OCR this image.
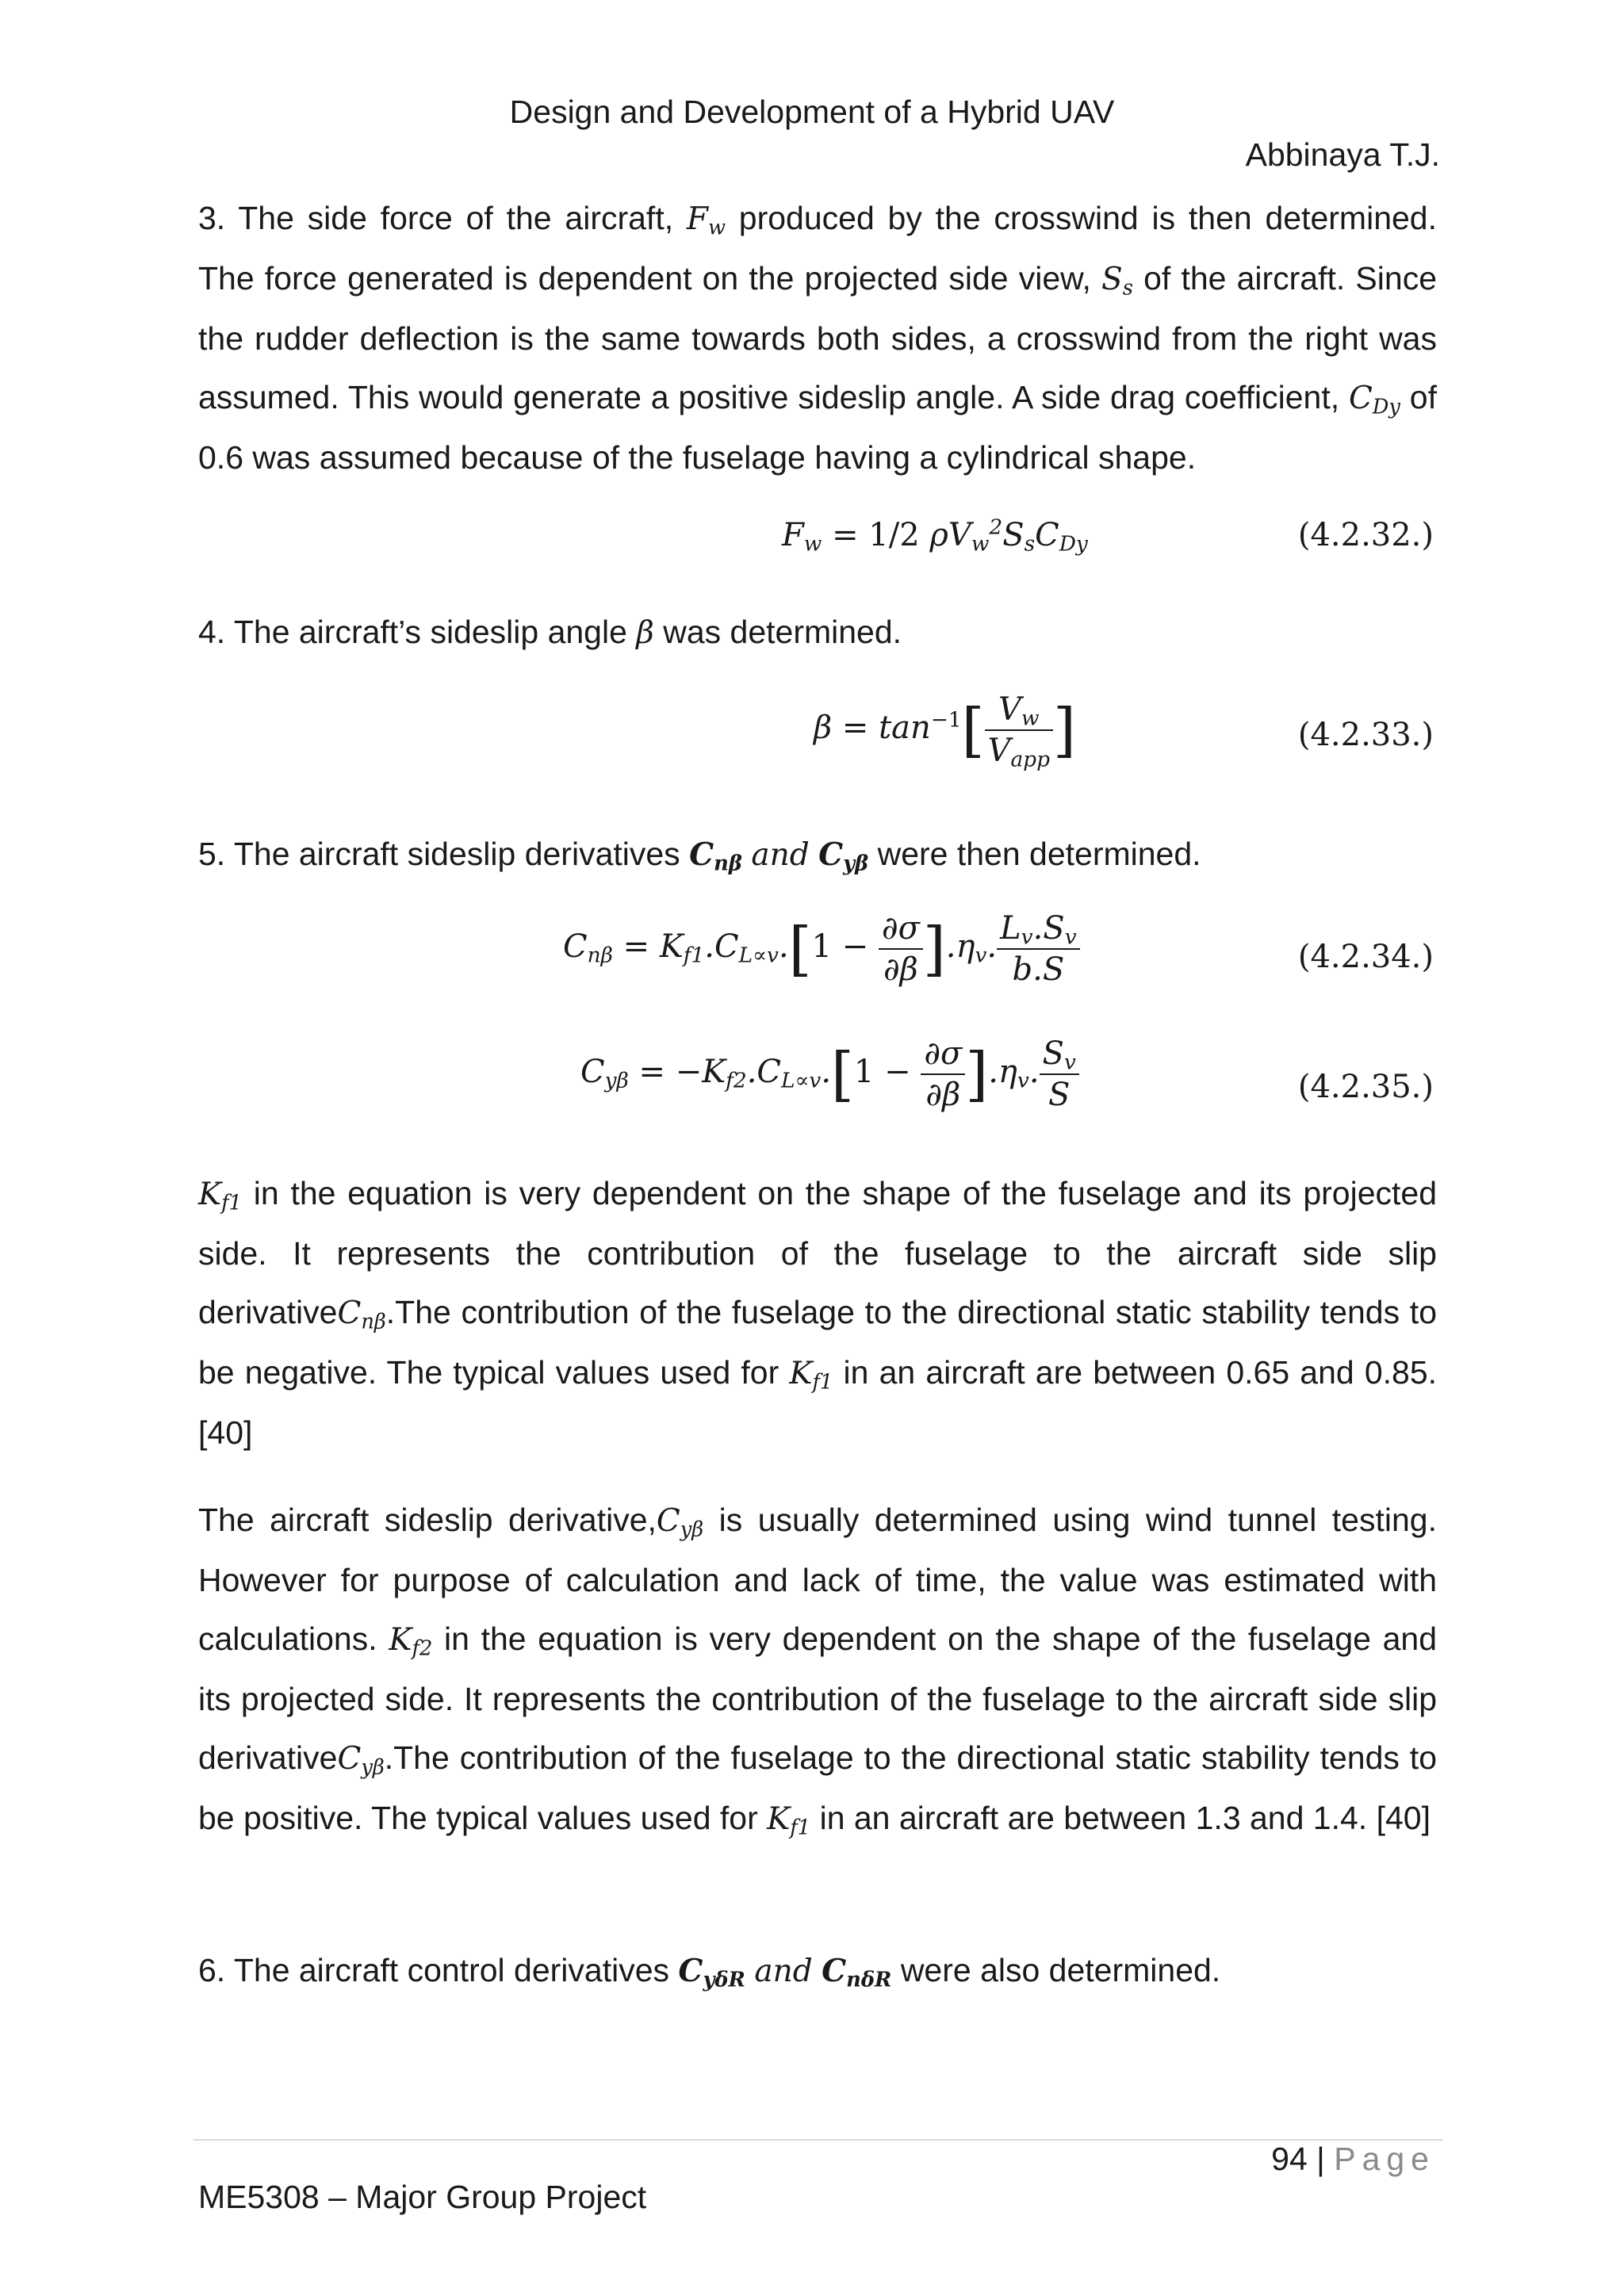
Design and Development of a Hybrid UAV
Abbinaya T.J.

3. The side force of the aircraft, $F_w$ produced by the crosswind is then determined. The force generated is dependent on the projected side view, $S_s$ of the aircraft. Since the rudder deflection is the same towards both sides, a crosswind from the right was assumed. This would generate a positive sideslip angle. A side drag coefficient, $C_{Dy}$ of 0.6 was assumed because of the fuselage having a cylindrical shape.

$F_w = 1/2$ $\rho V_w^2S_sC_{Dy}$	(4.2.32.)

4. The aircraft’s sideslip angle β was determined.

$\beta = \tan^{-1}[ \frac{V_w}{V_{app}}$ ]	(4.2.33.)

5. The aircraft sideslip derivatives $C_{n\beta}$ and $C_{y\beta}$ were then determined.

$C_{n\beta} = K_{f1}.C_{L\propto v}.[1 - \frac{\partial\sigma}{\partial\beta} ].\eta_v$. $\frac{L_v.S_v}{b.S}$	(4.2.34.)
$C_{y\beta} = -K_{f2}.C_{L\propto v}.[1 - \frac{\partial\sigma}{\partial\beta} ].\eta_v$. $\frac{S_v}{S}$	(4.2.35.)

$K_{f1}$ in the equation is very dependent on the shape of the fuselage and its projected side. It represents the contribution of the fuselage to the aircraft side slip derivativeC$_{n\beta}$.The contribution of the fuselage to the directional static stability tends to be negative. The typical values used for $K_{f1}$ in an aircraft are between 0.65 and 0.85. [40]

The aircraft sideslip $derivative,C_{y\beta}$ is usually determined using wind tunnel testing. However for purpose of calculation and lack of time, the value was estimated with calculations. $K_{f2}$ in the equation is very dependent on the shape of the fuselage and its projected side. It represents the contribution of the fuselage to the aircraft side slip derivativeC$_{y\beta}$.The contribution of the fuselage to the directional static stability tends to be positive. The typical values used for $K_{f1}$ in an aircraft are between 1.3 and 1.4. [40]

6. The aircraft control derivatives $C_{y\delta R}$ and $C_{n\delta R}$ were also determined.

94 | Page
ME5308 – Major Group Project
